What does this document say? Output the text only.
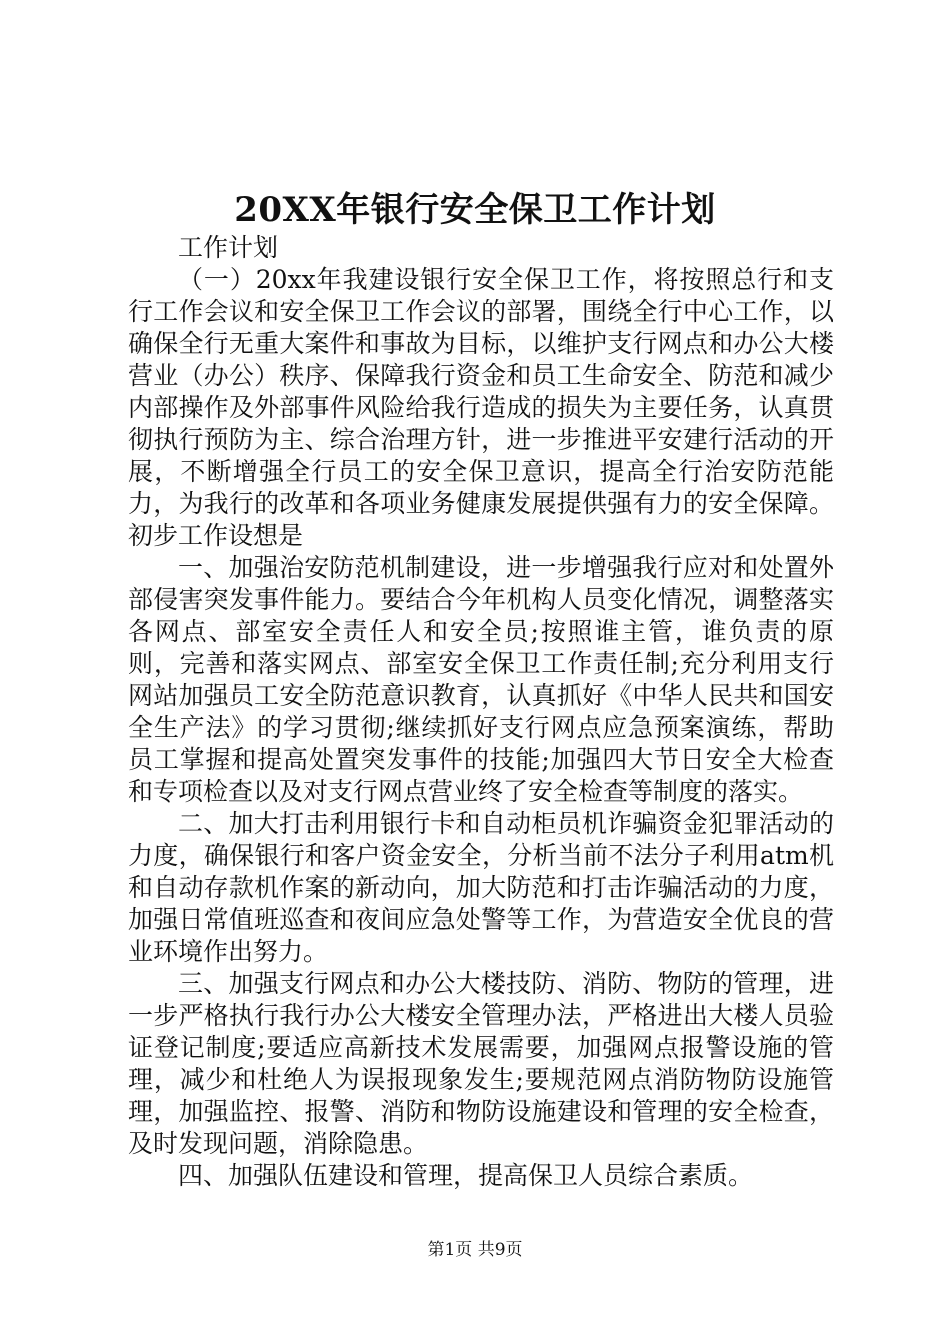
20XX年银行安全保卫工作计划

工作计划

（一）20xx年我建设银行安全保卫工作，将按照总行和支行工作会议和安全保卫工作会议的部署，围绕全行中心工作，以确保全行无重大案件和事故为目标，以维护支行网点和办公大楼营业（办公）秩序、保障我行资金和员工生命安全、防范和减少内部操作及外部事件风险给我行造成的损失为主要任务，认真贯彻执行预防为主、综合治理方针，进一步推进平安建行活动的开展，不断增强全行员工的安全保卫意识，提高全行治安防范能力，为我行的改革和各项业务健康发展提供强有力的安全保障。初步工作设想是

一、加强治安防范机制建设，进一步增强我行应对和处置外部侵害突发事件能力。要结合今年机构人员变化情况，调整落实各网点、部室安全责任人和安全员;按照谁主管，谁负责的原则，完善和落实网点、部室安全保卫工作责任制;充分利用支行网站加强员工安全防范意识教育，认真抓好《中华人民共和国安全生产法》的学习贯彻;继续抓好支行网点应急预案演练，帮助员工掌握和提高处置突发事件的技能;加强四大节日安全大检查和专项检查以及对支行网点营业终了安全检查等制度的落实。

二、加大打击利用银行卡和自动柜员机诈骗资金犯罪活动的力度，确保银行和客户资金安全，分析当前不法分子利用atm机和自动存款机作案的新动向，加大防范和打击诈骗活动的力度，加强日常值班巡查和夜间应急处警等工作，为营造安全优良的营业环境作出努力。

三、加强支行网点和办公大楼技防、消防、物防的管理，进一步严格执行我行办公大楼安全管理办法，严格进出大楼人员验证登记制度;要适应高新技术发展需要，加强网点报警设施的管理，减少和杜绝人为误报现象发生;要规范网点消防物防设施管理，加强监控、报警、消防和物防设施建设和管理的安全检查，及时发现问题，消除隐患。

四、加强队伍建设和管理，提高保卫人员综合素质。

第1页 共9页
